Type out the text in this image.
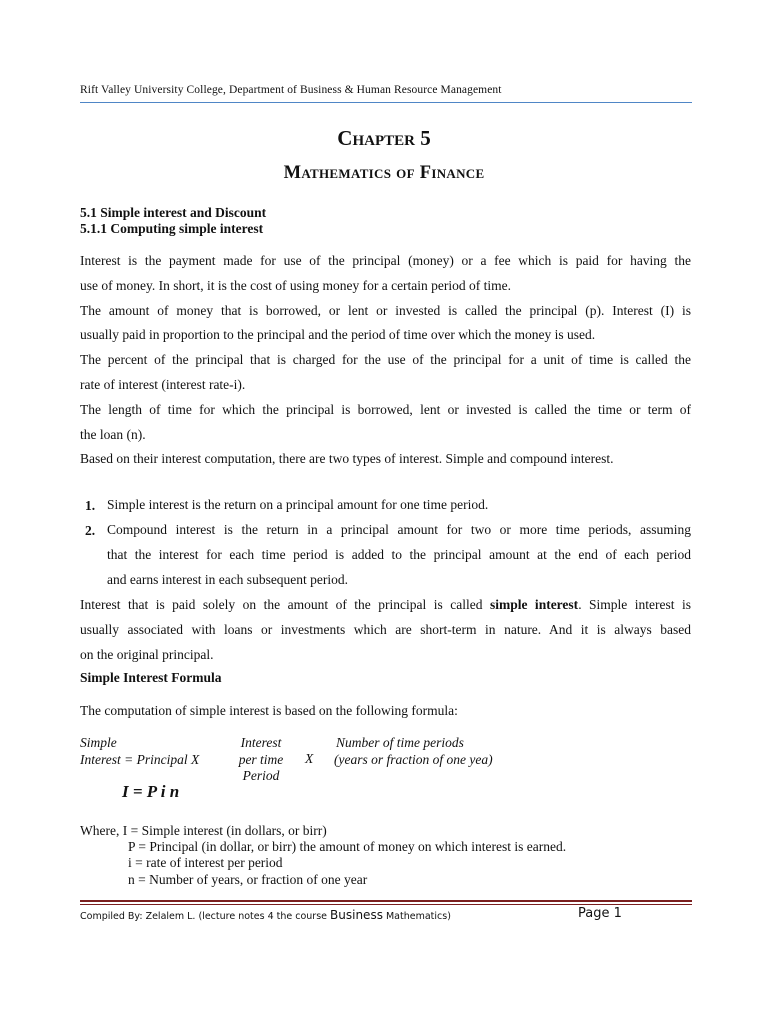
Rift Valley University College, Department of Business & Human Resource Management
Chapter 5
Mathematics of Finance
5.1 Simple interest and Discount
5.1.1 Computing simple interest
Interest is the payment made for use of the principal (money) or a fee which is paid for having the
use of money. In short, it is the cost of using money for a certain period of time.
The amount of money that is borrowed, or lent or invested is called the principal (p). Interest (I) is
usually paid in proportion to the principal and the period of time over which the money is used.
The percent of the principal that is charged for the use of the principal for a unit of time is called the
rate of interest (interest rate-i).
The length of time for which the principal is borrowed, lent or invested is called the time or term of
the loan (n).
Based on their interest computation, there are two types of interest. Simple and compound interest.
1. Simple interest is the return on a principal amount for one time period.
2. Compound interest is the return in a principal amount for two or more time periods, assuming
that the interest for each time period is added to the principal amount at the end of each period
and earns interest in each subsequent period.
Interest that is paid solely on the amount of the principal is called simple interest. Simple interest is
usually associated with loans or investments which are short-term in nature. And it is always based
on the original principal.
Simple Interest Formula
The computation of simple interest is based on the following formula:
Simple
Interest = Principal X
Interest
per time
Period
X
Number of time periods
(years or fraction of one yea)
I = P i n
Where, I = Simple interest (in dollars, or birr)
P = Principal (in dollar, or birr) the amount of money on which interest is earned.
i = rate of interest per period
n = Number of years, or fraction of one year
Compiled By: Zelalem L. (lecture notes 4 the course Business Mathematics)	Page 1
